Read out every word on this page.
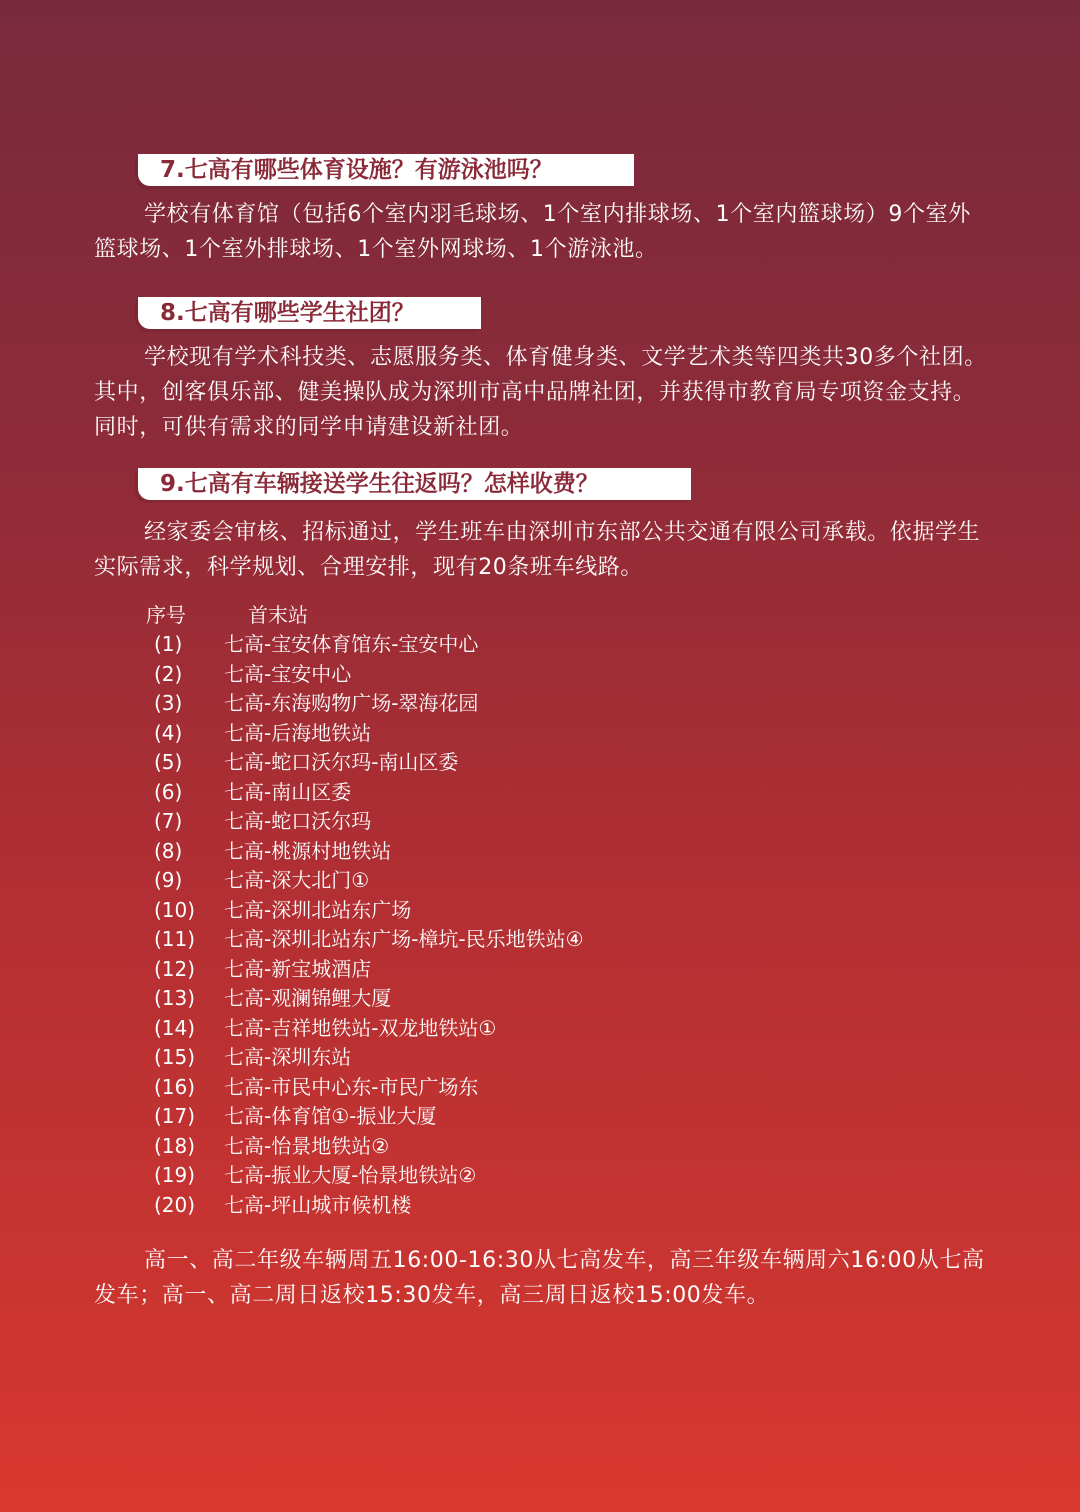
7.七高有哪些体育设施？有游泳池吗？

学校有体育馆（包括6个室内羽毛球场、1个室内排球场、1个室内篮球场）9个室外篮球场、1个室外排球场、1个室外网球场、1个游泳池。

8.七高有哪些学生社团？

学校现有学术科技类、志愿服务类、体育健身类、文学艺术类等四类共30多个社团。其中，创客俱乐部、健美操队成为深圳市高中品牌社团，并获得市教育局专项资金支持。同时，可供有需求的同学申请建设新社团。

9.七高有车辆接送学生往返吗？怎样收费？

经家委会审核、招标通过，学生班车由深圳市东部公共交通有限公司承载。依据学生实际需求，科学规划、合理安排，现有20条班车线路。

序号	首末站
(1) 七高-宝安体育馆东-宝安中心
(2) 七高-宝安中心
(3) 七高-东海购物广场-翠海花园
(4) 七高-后海地铁站
(5) 七高-蛇口沃尔玛-南山区委
(6) 七高-南山区委
(7) 七高-蛇口沃尔玛
(8) 七高-桃源村地铁站
(9) 七高-深大北门①
(10) 七高-深圳北站东广场
(11) 七高-深圳北站东广场-樟坑-民乐地铁站④
(12) 七高-新宝城酒店
(13) 七高-观澜锦鲤大厦
(14) 七高-吉祥地铁站-双龙地铁站①
(15) 七高-深圳东站
(16) 七高-市民中心东-市民广场东
(17) 七高-体育馆①-振业大厦
(18) 七高-怡景地铁站②
(19) 七高-振业大厦-怡景地铁站②
(20) 七高-坪山城市候机楼

高一、高二年级车辆周五16:00-16:30从七高发车，高三年级车辆周六16:00从七高发车；高一、高二周日返校15:30发车，高三周日返校15:00发车。
